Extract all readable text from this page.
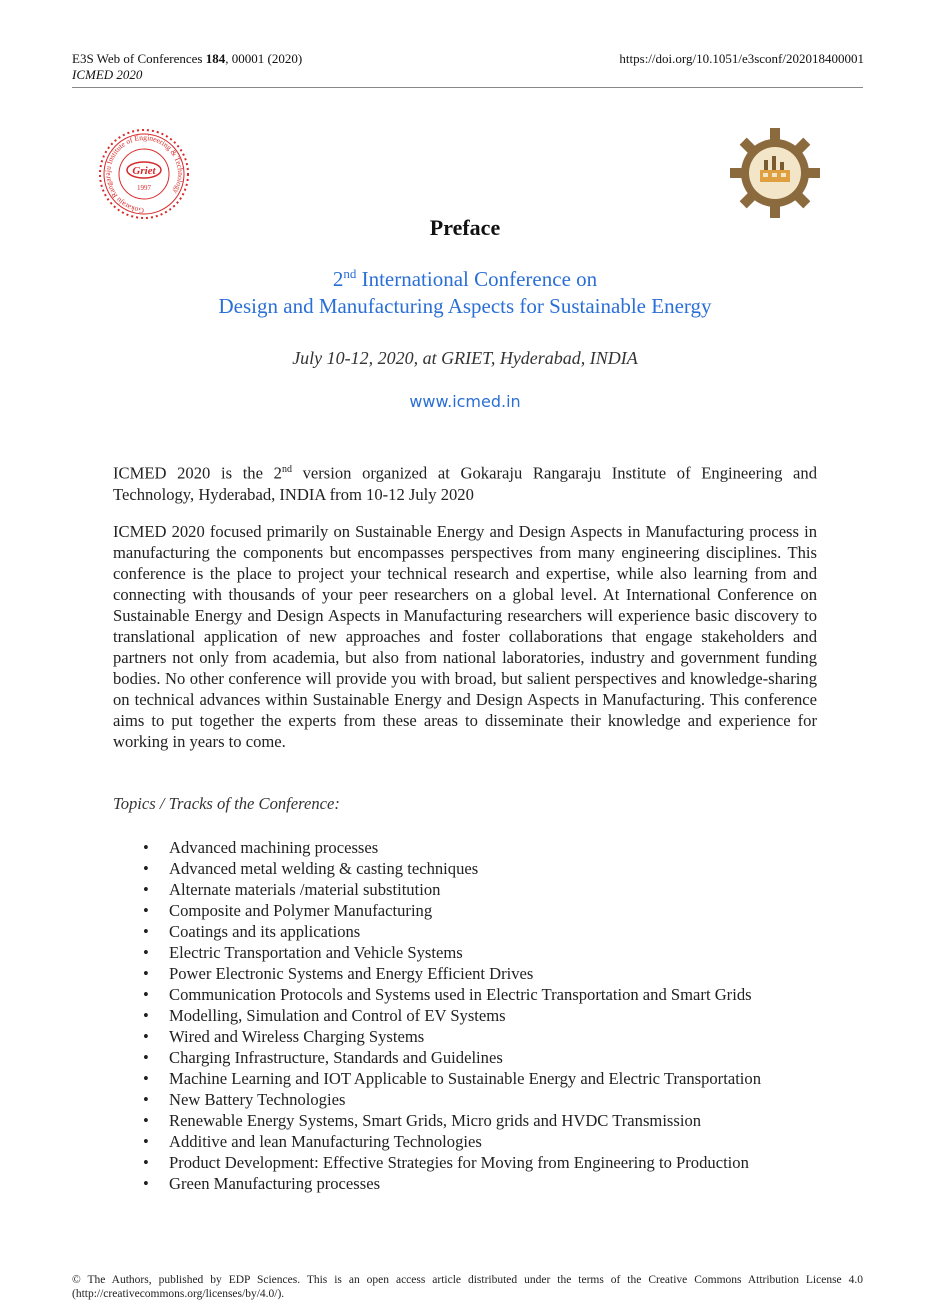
E3S Web of Conferences 184, 00001 (2020)
ICMED 2020
https://doi.org/10.1051/e3sconf/202018400001
Gokaraju Rangaraju Institute of Engineering & Technology
Griet
1997
Preface
2nd International Conference on
Design and Manufacturing Aspects for Sustainable Energy
July 10-12, 2020, at GRIET, Hyderabad, INDIA
www.icmed.in
ICMED 2020 is the 2nd version organized at Gokaraju Rangaraju Institute of Engineering and Technology, Hyderabad, INDIA from 10-12 July 2020
ICMED 2020 focused primarily on Sustainable Energy and Design Aspects in Manufacturing process in manufacturing the components but encompasses perspectives from many engineering disciplines. This conference is the place to project your technical research and expertise, while also learning from and connecting with thousands of your peer researchers on a global level. At International Conference on Sustainable Energy and Design Aspects in Manufacturing researchers will experience basic discovery to translational application of new approaches and foster collaborations that engage stakeholders and partners not only from academia, but also from national laboratories, industry and government funding bodies. No other conference will provide you with broad, but salient perspectives and knowledge-sharing on technical advances within Sustainable Energy and Design Aspects in Manufacturing. This conference aims to put together the experts from these areas to disseminate their knowledge and experience for working in years to come.
Topics / Tracks of the Conference:
• Advanced machining processes
• Advanced metal welding & casting techniques
• Alternate materials /material substitution
• Composite and Polymer Manufacturing
• Coatings and its applications
• Electric Transportation and Vehicle Systems
• Power Electronic Systems and Energy Efficient Drives
• Communication Protocols and Systems used in Electric Transportation and Smart Grids
• Modelling, Simulation and Control of EV Systems
• Wired and Wireless Charging Systems
• Charging Infrastructure, Standards and Guidelines
• Machine Learning and IOT Applicable to Sustainable Energy and Electric Transportation
• New Battery Technologies
• Renewable Energy Systems, Smart Grids, Micro grids and HVDC Transmission
• Additive and lean Manufacturing Technologies
• Product Development: Effective Strategies for Moving from Engineering to Production
• Green Manufacturing processes
© The Authors, published by EDP Sciences. This is an open access article distributed under the terms of the Creative Commons Attribution License 4.0 (http://creativecommons.org/licenses/by/4.0/).
